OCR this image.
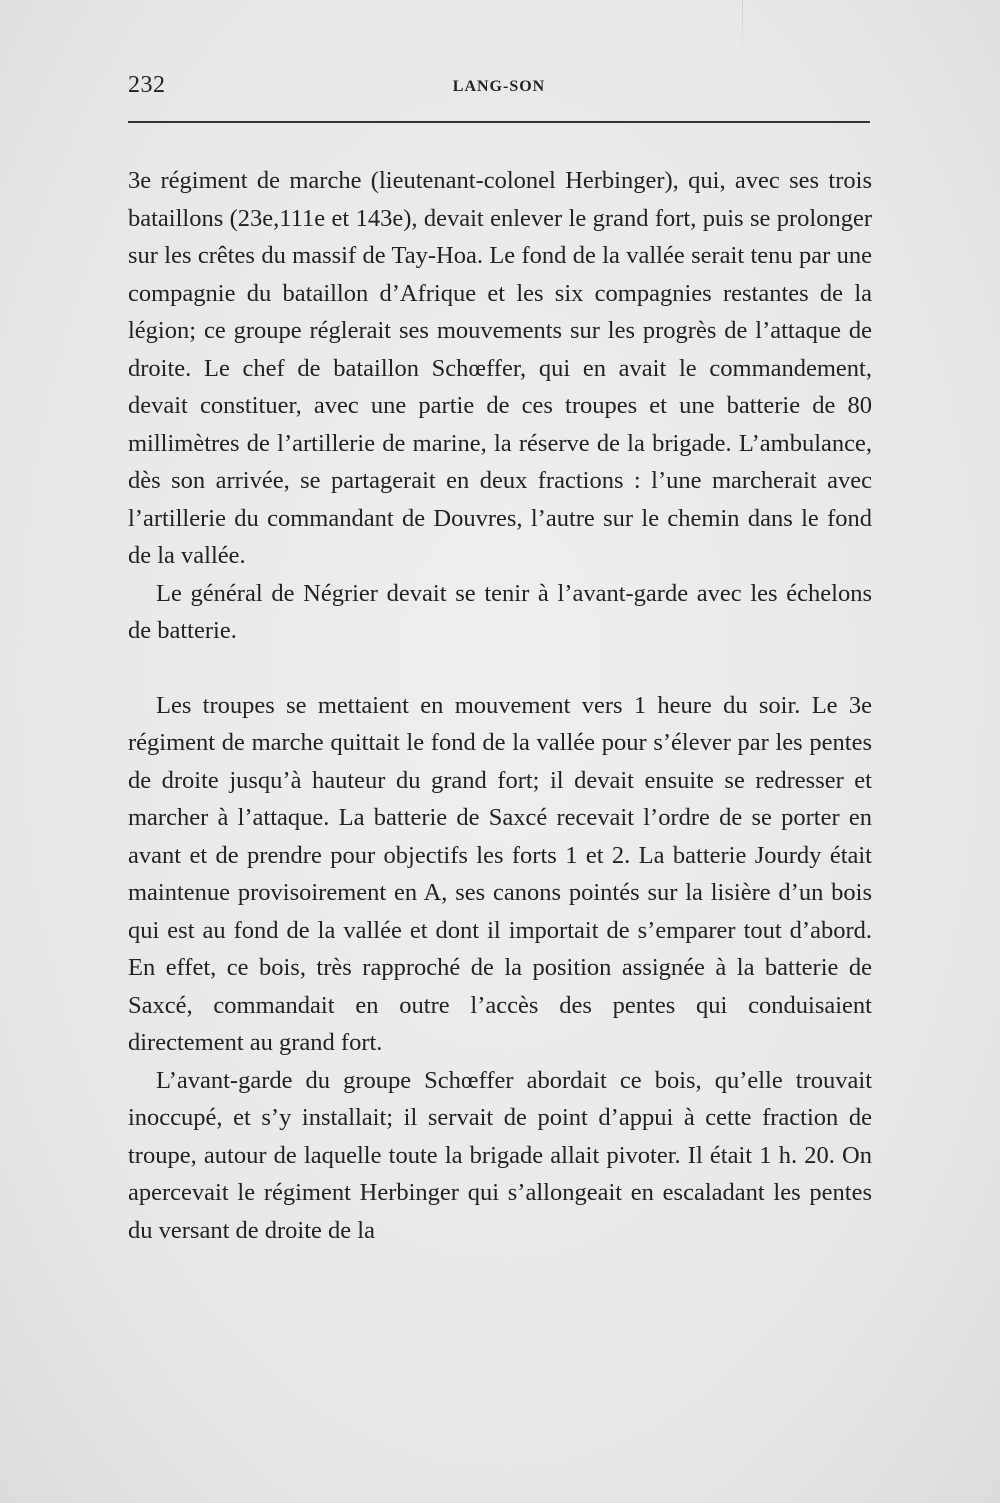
232	LANG-SON

3e régiment de marche (lieutenant-colonel Herbinger), qui, avec ses trois bataillons (23e,111e et 143e), devait enlever le grand fort, puis se prolonger sur les crêtes du massif de Tay-Hoa. Le fond de la vallée serait tenu par une compagnie du bataillon d’Afrique et les six compagnies restantes de la légion; ce groupe réglerait ses mouvements sur les progrès de l’attaque de droite. Le chef de bataillon Schœffer, qui en avait le commandement, devait constituer, avec une partie de ces troupes et une batterie de 80 millimètres de l’artillerie de marine, la réserve de la brigade. L’ambulance, dès son arrivée, se partagerait en deux fractions : l’une marcherait avec l’artillerie du commandant de Douvres, l’autre sur le chemin dans le fond de la vallée.

Le général de Négrier devait se tenir à l’avant-garde avec les échelons de batterie.

Les troupes se mettaient en mouvement vers 1 heure du soir. Le 3e régiment de marche quittait le fond de la vallée pour s’élever par les pentes de droite jusqu’à hauteur du grand fort; il devait ensuite se redresser et marcher à l’attaque. La batterie de Saxcé recevait l’ordre de se porter en avant et de prendre pour objectifs les forts 1 et 2. La batterie Jourdy était maintenue provisoirement en A, ses canons pointés sur la lisière d’un bois qui est au fond de la vallée et dont il importait de s’emparer tout d’abord. En effet, ce bois, très rapproché de la position assignée à la batterie de Saxcé, commandait en outre l’accès des pentes qui conduisaient directement au grand fort.

L’avant-garde du groupe Schœffer abordait ce bois, qu’elle trouvait inoccupé, et s’y installait; il servait de point d’appui à cette fraction de troupe, autour de laquelle toute la brigade allait pivoter. Il était 1 h. 20. On apercevait le régiment Herbinger qui s’allongeait en escaladant les pentes du versant de droite de la
